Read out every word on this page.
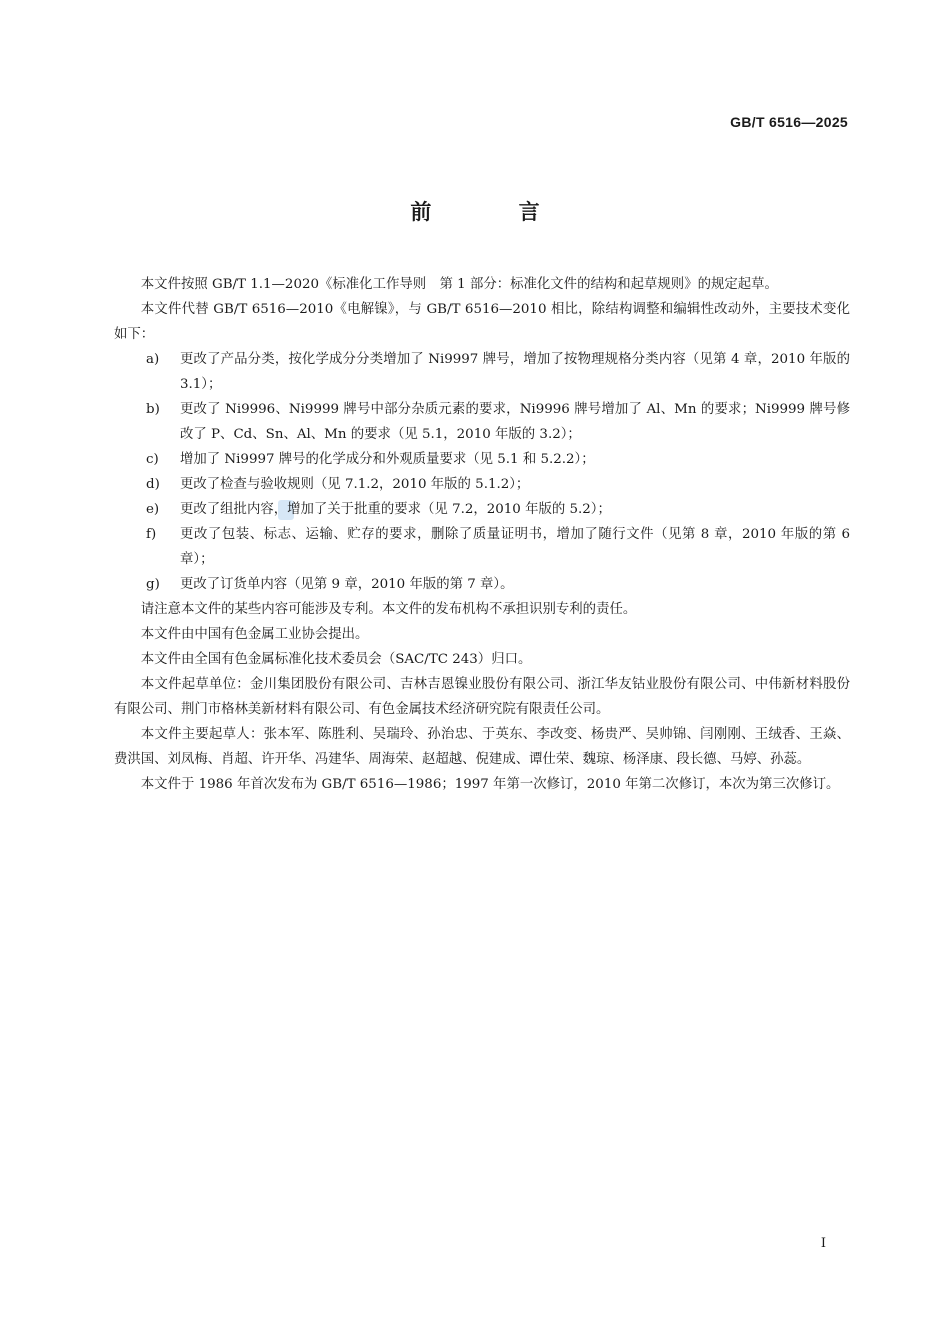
GB/T 6516—2025
前 言

本文件按照 GB/T 1.1—2020《标准化工作导则　第 1 部分：标准化文件的结构和起草规则》的规定起草。

本文件代替 GB/T 6516—2010《电解镍》，与 GB/T 6516—2010 相比，除结构调整和编辑性改动外，主要技术变化如下：

a) 更改了产品分类，按化学成分分类增加了 Ni9997 牌号，增加了按物理规格分类内容（见第 4 章，2010 年版的 3.1）；

b) 更改了 Ni9996、Ni9999 牌号中部分杂质元素的要求，Ni9996 牌号增加了 Al、Mn 的要求；Ni9999 牌号修改了 P、Cd、Sn、Al、Mn 的要求（见 5.1，2010 年版的 3.2）；

c) 增加了 Ni9997 牌号的化学成分和外观质量要求（见 5.1 和 5.2.2）；

d) 更改了检查与验收规则（见 7.1.2，2010 年版的 5.1.2）；

e) 更改了组批内容，增加了关于批重的要求（见 7.2，2010 年版的 5.2）；

f) 更改了包装、标志、运输、贮存的要求，删除了质量证明书，增加了随行文件（见第 8 章，2010 年版的第 6 章）；

g) 更改了订货单内容（见第 9 章，2010 年版的第 7 章）。

请注意本文件的某些内容可能涉及专利。本文件的发布机构不承担识别专利的责任。

本文件由中国有色金属工业协会提出。

本文件由全国有色金属标准化技术委员会（SAC/TC 243）归口。

本文件起草单位：金川集团股份有限公司、吉林吉恩镍业股份有限公司、浙江华友钴业股份有限公司、中伟新材料股份有限公司、荆门市格林美新材料有限公司、有色金属技术经济研究院有限责任公司。

本文件主要起草人：张本军、陈胜利、吴瑞玲、孙治忠、于英东、李改变、杨贵严、吴帅锦、闫刚刚、王绒香、王焱、费洪国、刘凤梅、肖超、许开华、冯建华、周海荣、赵超越、倪建成、谭仕荣、魏琼、杨泽康、段长德、马婷、孙蕊。

本文件于 1986 年首次发布为 GB/T 6516—1986；1997 年第一次修订，2010 年第二次修订，本次为第三次修订。

I
